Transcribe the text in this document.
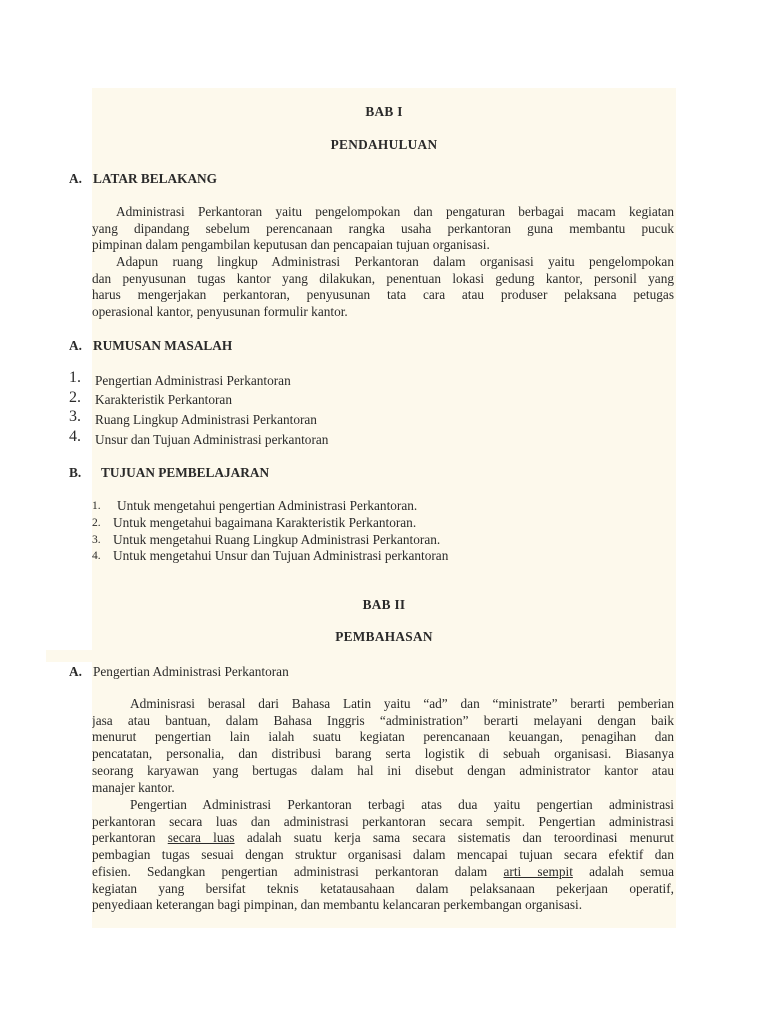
BAB I
PENDAHULUAN
A. LATAR BELAKANG
Administrasi Perkantoran yaitu pengelompokan dan pengaturan berbagai macam kegiatan
yang dipandang sebelum perencanaan rangka usaha perkantoran guna membantu pucuk
pimpinan dalam pengambilan keputusan dan pencapaian tujuan organisasi.
Adapun ruang lingkup Administrasi Perkantoran dalam organisasi yaitu pengelompokan
dan penyusunan tugas kantor yang dilakukan, penentuan lokasi gedung kantor, personil yang
harus mengerjakan perkantoran, penyusunan tata cara atau produser pelaksana petugas
operasional kantor, penyusunan formulir kantor.
A. RUMUSAN MASALAH
1. Pengertian Administrasi Perkantoran
2. Karakteristik Perkantoran
3. Ruang Lingkup Administrasi Perkantoran
4. Unsur dan Tujuan Administrasi perkantoran
B. TUJUAN PEMBELAJARAN
1. Untuk mengetahui pengertian Administrasi Perkantoran.
2. Untuk mengetahui bagaimana Karakteristik Perkantoran.
3. Untuk mengetahui Ruang Lingkup Administrasi Perkantoran.
4. Untuk mengetahui Unsur dan Tujuan Administrasi perkantoran
BAB II
PEMBAHASAN
A. Pengertian Administrasi Perkantoran
Adminisrasi berasal dari Bahasa Latin yaitu “ad” dan “ministrate” berarti pemberian
jasa atau bantuan, dalam Bahasa Inggris “administration” berarti melayani dengan baik
menurut pengertian lain ialah suatu kegiatan perencanaan keuangan, penagihan dan
pencatatan, personalia, dan distribusi barang serta logistik di sebuah organisasi. Biasanya
seorang karyawan yang bertugas dalam hal ini disebut dengan administrator kantor atau
manajer kantor.
Pengertian Administrasi Perkantoran terbagi atas dua yaitu pengertian administrasi
perkantoran secara luas dan administrasi perkantoran secara sempit. Pengertian administrasi
perkantoran secara luas adalah suatu kerja sama secara sistematis dan teroordinasi menurut
pembagian tugas sesuai dengan struktur organisasi dalam mencapai tujuan secara efektif dan
efisien. Sedangkan pengertian administrasi perkantoran dalam arti sempit adalah semua
kegiatan yang bersifat teknis ketatausahaan dalam pelaksanaan pekerjaan operatif,
penyediaan keterangan bagi pimpinan, dan membantu kelancaran perkembangan organisasi.
